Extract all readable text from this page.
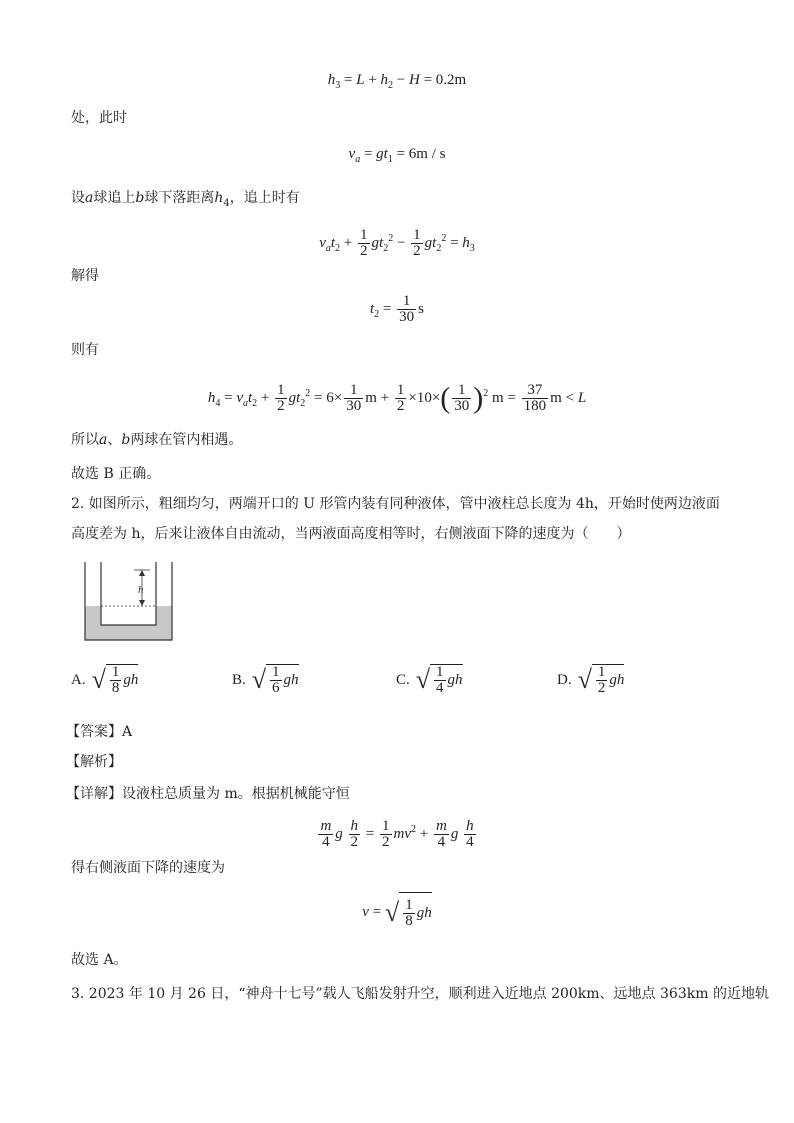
$h_3 = L + h_2 - H = 0.2m$
处，此时
$v_a = gt_1 = 6m / s$
设a球追上b球下落距离$h_4$，追上时有
$v_at_2 + \frac{1}{2} gt_2^2 - \frac{1}{2} gt_2^2 = h_3$
解得
$t_2 = \frac{1}{30}$ s
则有
$h_4 = v_at_2 + \frac{1}{2} gt_2^2 = 6\times \frac{1}{30}$ $m + \frac{1}{2} \times 10\times( \frac{1}{30} )^2$ $m = \frac{37}{180}$ m < L
所以a、b两球在管内相遇。
故选 B 正确。
2. 如图所示，粗细均匀，两端开口的 U 形管内装有同种液体，管中液柱总长度为 4h，开始时使两边液面
高度差为 h，后来让液体自由流动，当两液面高度相等时，右侧液面下降的速度为（　　）
h
A. √ $\frac{1}{8}$ gh	B. √ $\frac{1}{6}$ gh	C. √ $\frac{1}{4}$ gh	D. √ $\frac{1}{2}$ gh
【答案】A
【解析】
【详解】设液柱总质量为 m。根据机械能守恒
$\frac{m}{4}$ g $\frac{h}{2} = \frac{1}{2} mv^2 + \frac{m}{4}$ g $\frac{h}{4}$
得右侧液面下降的速度为
v = √ $\frac{1}{8}$ gh
故选 A。
3. 2023 年 10 月 26 日，“神舟十七号”载人飞船发射升空，顺利进入近地点 200km、远地点 363km 的近地轨
